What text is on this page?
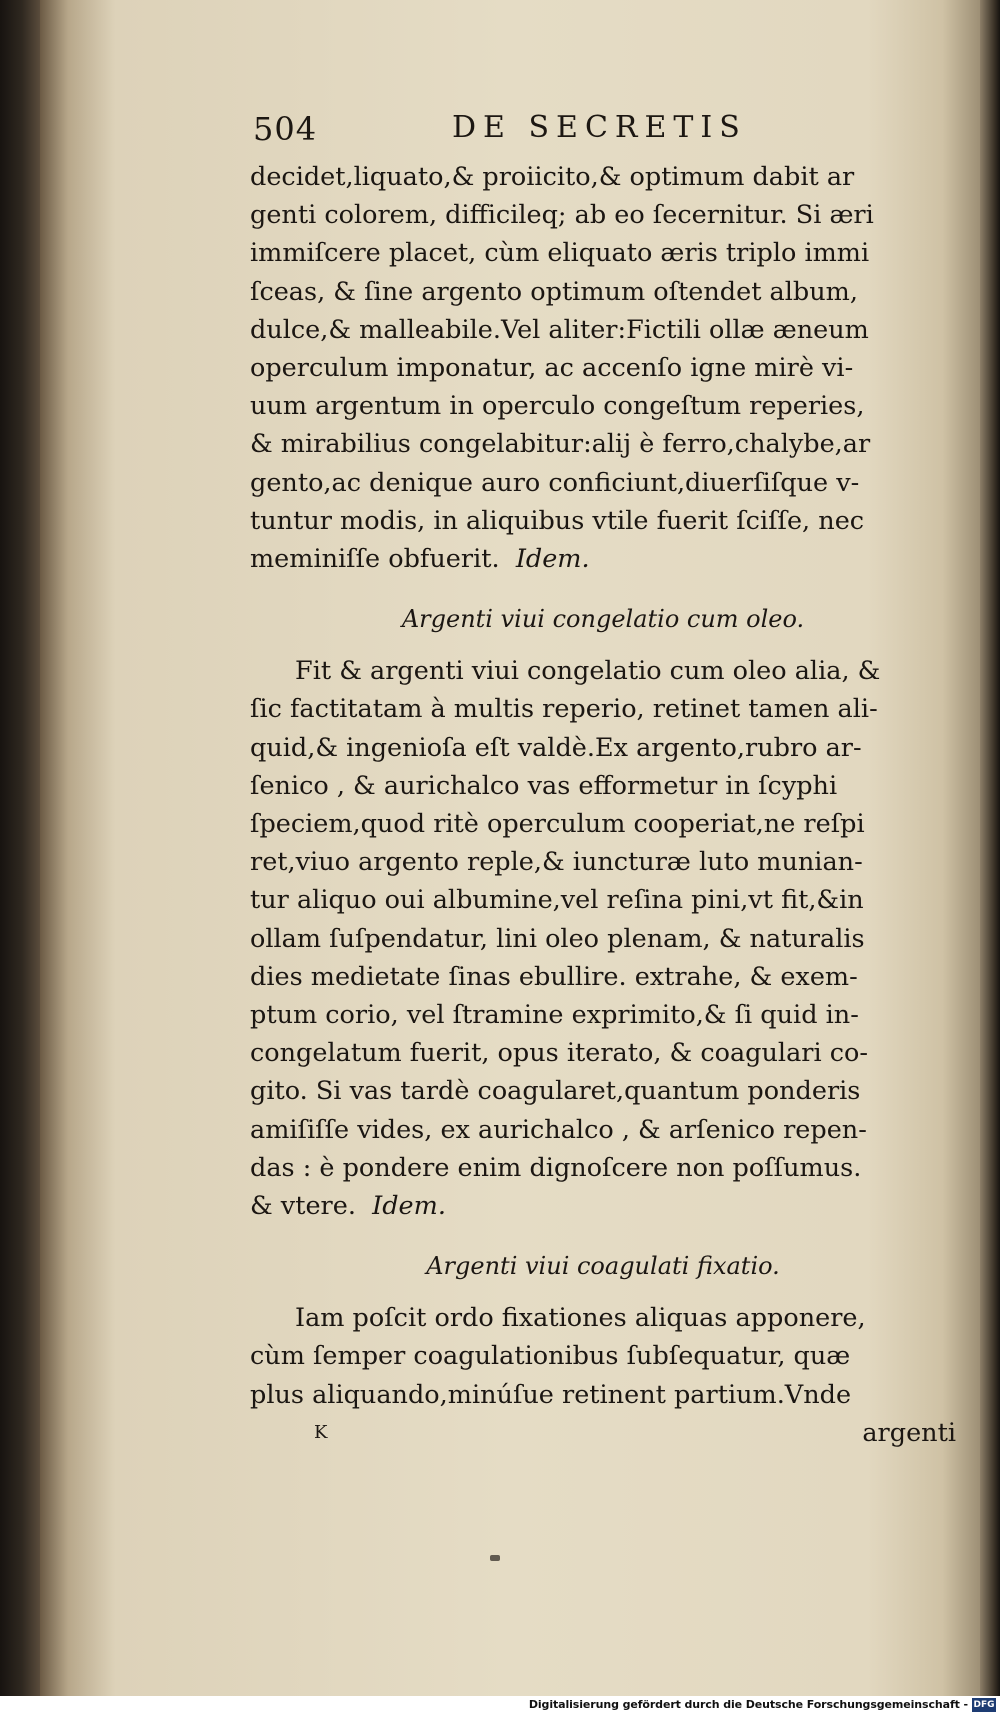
504	DE SECRETIS
decidet,liquato,& proiicito,& optimum dabit ar
genti colorem, difficileq; ab eo ſecernitur. Si æri
immiſcere placet, cùm eliquato æris triplo immi
ſceas, & ſine argento optimum oſtendet album,
dulce,& malleabile.Vel aliter:Fictili ollæ æneum
operculum imponatur, ac accenſo igne mirè vi-
uum argentum in operculo congeſtum reperies,
& mirabilius congelabitur:alij è ferro,chalybe,ar
gento,ac denique auro conficiunt,diuerſiſque v-
tuntur modis, in aliquibus vtile fuerit ſciſſe, nec
meminiſſe obfuerit. Idem.
Argenti viui congelatio cum oleo.
Fit & argenti viui congelatio cum oleo alia, &
ſic factitatam à multis reperio, retinet tamen ali-
quid,& ingenioſa eſt valdè.Ex argento,rubro ar-
ſenico , & aurichalco vas efformetur in ſcyphi
ſpeciem,quod ritè operculum cooperiat,ne reſpi
ret,viuo argento reple,& iuncturæ luto munian-
tur aliquo oui albumine,vel reſina pini,vt fit,&in
ollam ſuſpendatur, lini oleo plenam, & naturalis
dies medietate ſinas ebullire. extrahe, & exem-
ptum corio, vel ſtramine exprimito,& ſi quid in-
congelatum fuerit, opus iterato, & coagulari co-
gito. Si vas tardè coagularet,quantum ponderis
amiſiſſe vides, ex aurichalco , & arſenico repen-
das : è pondere enim dignoſcere non poſſumus.
& vtere. Idem.
Argenti viui coagulati fixatio.
Iam poſcit ordo fixationes aliquas apponere,
cùm ſemper coagulationibus ſubſequatur, quæ
plus aliquando,minúſue retinent partium.Vnde
K	argenti
Digitalisierung gefördert durch die Deutsche Forschungsgemeinschaft - DFG
